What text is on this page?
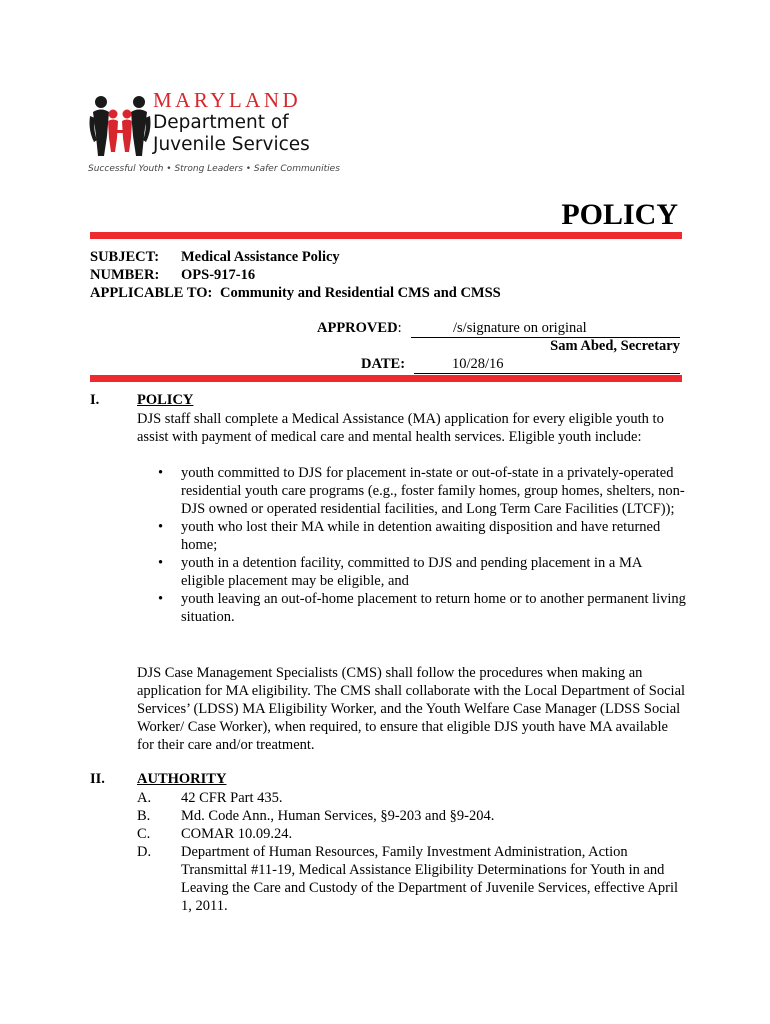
MARYLAND
Department of
Juvenile Services
Successful Youth • Strong Leaders • Safer Communities
POLICY
SUBJECT: Medical Assistance Policy
NUMBER: OPS-917-16
APPLICABLE TO: Community and Residential CMS and CMSS
APPROVED:	/s/signature on original
Sam Abed, Secretary
DATE:	10/28/16
I.	POLICY
DJS staff shall complete a Medical Assistance (MA) application for every eligible youth to assist with payment of medical care and mental health services. Eligible youth include:
• youth committed to DJS for placement in-state or out-of-state in a privately-operated residential youth care programs (e.g., foster family homes, group homes, shelters, non-DJS owned or operated residential facilities, and Long Term Care Facilities (LTCF));
• youth who lost their MA while in detention awaiting disposition and have returned home;
• youth in a detention facility, committed to DJS and pending placement in a MA eligible placement may be eligible, and
• youth leaving an out-of-home placement to return home or to another permanent living situation.
DJS Case Management Specialists (CMS) shall follow the procedures when making an application for MA eligibility. The CMS shall collaborate with the Local Department of Social Services’ (LDSS) MA Eligibility Worker, and the Youth Welfare Case Manager (LDSS Social Worker/ Case Worker), when required, to ensure that eligible DJS youth have MA available for their care and/or treatment.
II. AUTHORITY
A. 42 CFR Part 435.
B. Md. Code Ann., Human Services, §9-203 and §9-204.
C. COMAR 10.09.24.
D. Department of Human Resources, Family Investment Administration, Action Transmittal #11-19, Medical Assistance Eligibility Determinations for Youth in and Leaving the Care and Custody of the Department of Juvenile Services, effective April 1, 2011.
